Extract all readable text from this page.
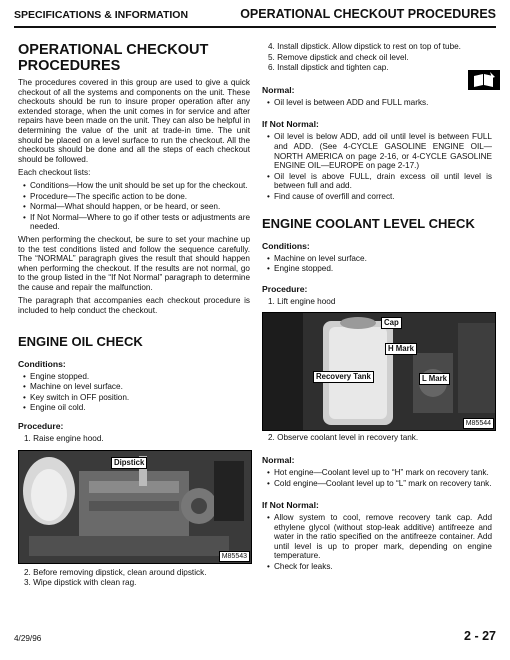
SPECIFICATIONS & INFORMATION	OPERATIONAL CHECKOUT PROCEDURES
OPERATIONAL CHECKOUT PROCEDURES
The procedures covered in this group are used to give a quick checkout of all the systems and components on the unit. These checkouts should be run to insure proper operation after any extended storage, when the unit comes in for service and after repairs have been made on the unit. They can also be helpful in determining the value of the unit at trade-in time. The unit should be placed on a level surface to run the checkout. All the checkouts should be done and all the steps of each checkout should be followed.
Each checkout lists:
• Conditions—How the unit should be set up for the checkout.
• Procedure—The specific action to be done.
• Normal—What should happen, or be heard, or seen.
• If Not Normal—Where to go if other tests or adjustments are needed.
When performing the checkout, be sure to set your machine up to the test conditions listed and follow the sequence carefully. The “NORMAL” paragraph gives the result that should happen when performing the checkout. If the results are not normal, go to the group listed in the “If Not Normal” paragraph to determine the cause and repair the malfunction.
The paragraph that accompanies each checkout procedure is included to help conduct the checkout.
ENGINE OIL CHECK
Conditions:
• Engine stopped.
• Machine on level surface.
• Key switch in OFF position.
• Engine oil cold.
Procedure:
1. Raise engine hood.
Dipstick
M85543
2. Before removing dipstick, clean around dipstick.
3. Wipe dipstick with clean rag.
4. Install dipstick. Allow dipstick to rest on top of tube.
5. Remove dipstick and check oil level.
6. Install dipstick and tighten cap.
Normal:
• Oil level is between ADD and FULL marks.
If Not Normal:
• Oil level is below ADD, add oil until level is between FULL and ADD. (See 4-CYCLE GASOLINE ENGINE OIL—NORTH AMERICA on page 2-16, or 4-CYCLE GASOLINE ENGINE OIL—EUROPE on page 2-17.)
• Oil level is above FULL, drain excess oil until level is between full and add.
• Find cause of overfill and correct.
ENGINE COOLANT LEVEL CHECK
Conditions:
• Machine on level surface.
• Engine stopped.
Procedure:
1. Lift engine hood
Cap
H Mark
Recovery Tank	L Mark
M85544
2. Observe coolant level in recovery tank.
Normal:
• Hot engine—Coolant level up to “H” mark on recovery tank.
• Cold engine—Coolant level up to “L” mark on recovery tank.
If Not Normal:
• Allow system to cool, remove recovery tank cap. Add ethylene glycol (without stop-leak additive) antifreeze and water in the ratio specified on the antifreeze container. Add until level is up to proper mark, depending on engine temperature.
• Check for leaks.
4/29/96	2 - 27
